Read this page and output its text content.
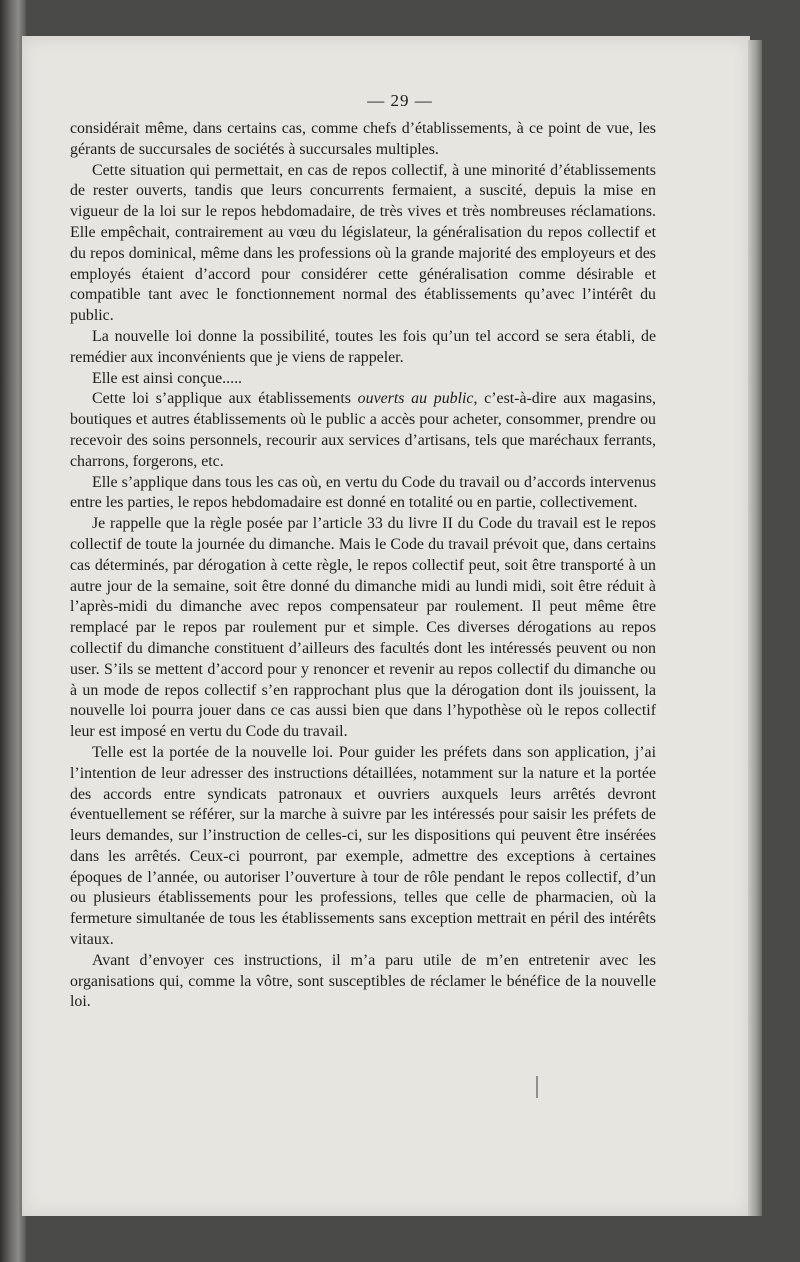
— 29 —

considérait même, dans certains cas, comme chefs d’établissements, à ce point de vue, les gérants de succursales de sociétés à succursales multiples.

Cette situation qui permettait, en cas de repos collectif, à une minorité d’établissements de rester ouverts, tandis que leurs concurrents fermaient, a suscité, depuis la mise en vigueur de la loi sur le repos hebdomadaire, de très vives et très nombreuses réclamations. Elle empêchait, contrairement au vœu du législateur, la généralisation du repos collectif et du repos dominical, même dans les professions où la grande majorité des employeurs et des employés étaient d’accord pour considérer cette généralisation comme désirable et compatible tant avec le fonctionnement normal des établissements qu’avec l’intérêt du public.

La nouvelle loi donne la possibilité, toutes les fois qu’un tel accord se sera établi, de remédier aux inconvénients que je viens de rappeler.

Elle est ainsi conçue.....

Cette loi s’applique aux établissements ouverts au public, c’est-à-dire aux magasins, boutiques et autres établissements où le public a accès pour acheter, consommer, prendre ou recevoir des soins personnels, recourir aux services d’artisans, tels que maréchaux ferrants, charrons, forgerons, etc.

Elle s’applique dans tous les cas où, en vertu du Code du travail ou d’accords intervenus entre les parties, le repos hebdomadaire est donné en totalité ou en partie, collectivement.

Je rappelle que la règle posée par l’article 33 du livre II du Code du travail est le repos collectif de toute la journée du dimanche. Mais le Code du travail prévoit que, dans certains cas déterminés, par dérogation à cette règle, le repos collectif peut, soit être transporté à un autre jour de la semaine, soit être donné du dimanche midi au lundi midi, soit être réduit à l’après-midi du dimanche avec repos compensateur par roulement. Il peut même être remplacé par le repos par roulement pur et simple. Ces diverses dérogations au repos collectif du dimanche constituent d’ailleurs des facultés dont les intéressés peuvent ou non user. S’ils se mettent d’accord pour y renoncer et revenir au repos collectif du dimanche ou à un mode de repos collectif s’en rapprochant plus que la dérogation dont ils jouissent, la nouvelle loi pourra jouer dans ce cas aussi bien que dans l’hypothèse où le repos collectif leur est imposé en vertu du Code du travail.

Telle est la portée de la nouvelle loi. Pour guider les préfets dans son application, j’ai l’intention de leur adresser des instructions détaillées, notamment sur la nature et la portée des accords entre syndicats patronaux et ouvriers auxquels leurs arrêtés devront éventuellement se référer, sur la marche à suivre par les intéressés pour saisir les préfets de leurs demandes, sur l’instruction de celles-ci, sur les dispositions qui peuvent être insérées dans les arrêtés. Ceux-ci pourront, par exemple, admettre des exceptions à certaines époques de l’année, ou autoriser l’ouverture à tour de rôle pendant le repos collectif, d’un ou plusieurs établissements pour les professions, telles que celle de pharmacien, où la fermeture simultanée de tous les établissements sans exception mettrait en péril des intérêts vitaux.

Avant d’envoyer ces instructions, il m’a paru utile de m’en entretenir avec les organisations qui, comme la vôtre, sont susceptibles de réclamer le bénéfice de la nouvelle loi.
